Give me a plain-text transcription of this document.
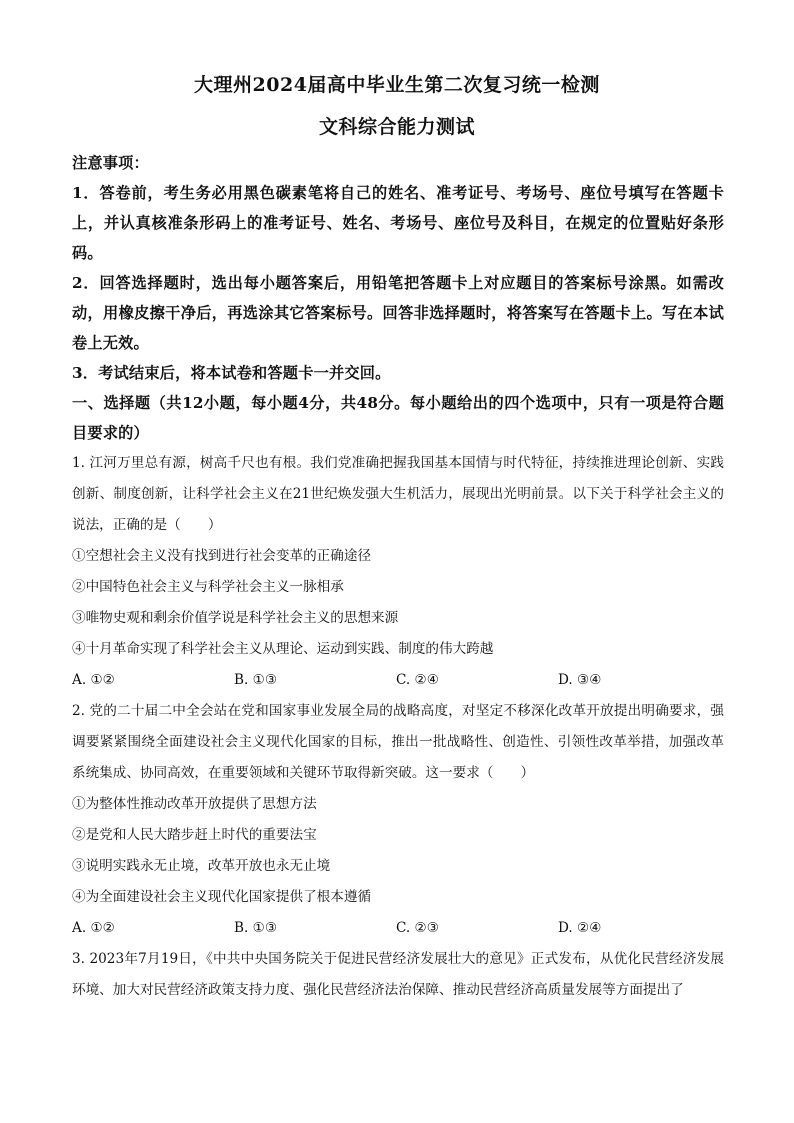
大理州2024届高中毕业生第二次复习统一检测
文科综合能力测试

注意事项：

1．答卷前，考生务必用黑色碳素笔将自己的姓名、准考证号、考场号、座位号填写在答题卡上，并认真核准条形码上的准考证号、姓名、考场号、座位号及科目，在规定的位置贴好条形码。

2．回答选择题时，选出每小题答案后，用铅笔把答题卡上对应题目的答案标号涂黑。如需改动，用橡皮擦干净后，再选涂其它答案标号。回答非选择题时，将答案写在答题卡上。写在本试卷上无效。

3．考试结束后，将本试卷和答题卡一并交回。

一、选择题（共12小题，每小题4分，共48分。每小题给出的四个选项中，只有一项是符合题目要求的）

1. 江河万里总有源，树高千尺也有根。我们党准确把握我国基本国情与时代特征，持续推进理论创新、实践创新、制度创新，让科学社会主义在21世纪焕发强大生机活力，展现出光明前景。以下关于科学社会主义的说法，正确的是（　　）

①空想社会主义没有找到进行社会变革的正确途径

②中国特色社会主义与科学社会主义一脉相承

③唯物史观和剩余价值学说是科学社会主义的思想来源

④十月革命实现了科学社会主义从理论、运动到实践、制度的伟大跨越

A. ①②	B. ①③	C. ②④	D. ③④

2. 党的二十届二中全会站在党和国家事业发展全局的战略高度，对坚定不移深化改革开放提出明确要求，强调要紧紧围绕全面建设社会主义现代化国家的目标，推出一批战略性、创造性、引领性改革举措，加强改革系统集成、协同高效，在重要领域和关键环节取得新突破。这一要求（　　）

①为整体性推动改革开放提供了思想方法

②是党和人民大踏步赶上时代的重要法宝

③说明实践永无止境，改革开放也永无止境

④为全面建设社会主义现代化国家提供了根本遵循

A. ①②	B. ①③	C. ②③	D. ②④

3. 2023年7月19日，《中共中央国务院关于促进民营经济发展壮大的意见》正式发布，从优化民营经济发展环境、加大对民营经济政策支持力度、强化民营经济法治保障、推动民营经济高质量发展等方面提出了
